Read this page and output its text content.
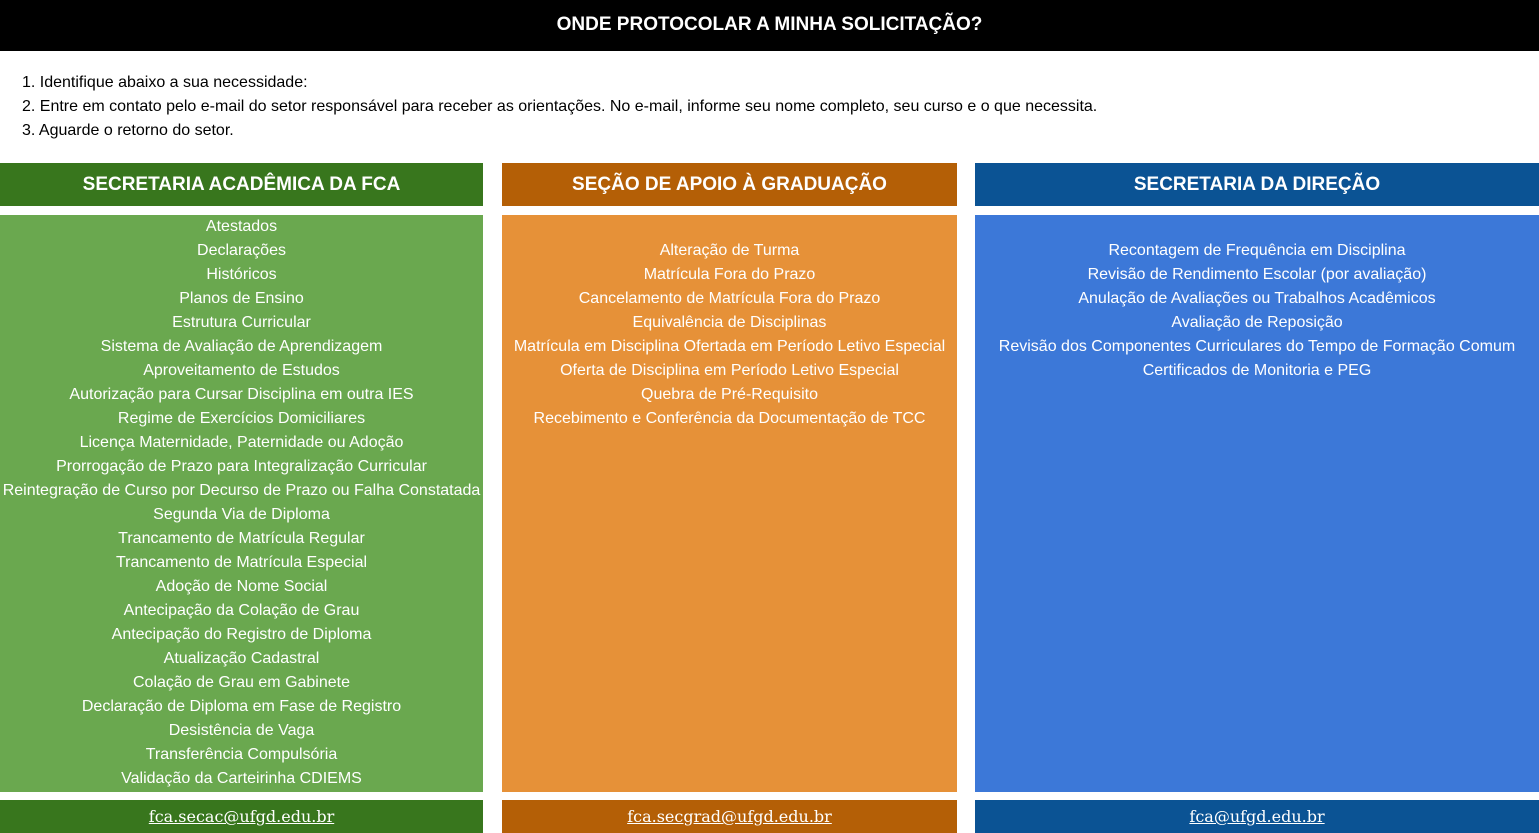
ONDE PROTOCOLAR A MINHA SOLICITAÇÃO?
1. Identifique abaixo a sua necessidade:
2. Entre em contato pelo e-mail do setor responsável para receber as orientações. No e-mail, informe seu nome completo, seu curso e o que necessita.
3. Aguarde o retorno do setor.
SECRETARIA ACADÊMICA DA FCA
Atestados
Declarações
Históricos
Planos de Ensino
Estrutura Curricular
Sistema de Avaliação de Aprendizagem
Aproveitamento de Estudos
Autorização para Cursar Disciplina em outra IES
Regime de Exercícios Domiciliares
Licença Maternidade, Paternidade ou Adoção
Prorrogação de Prazo para Integralização Curricular
Reintegração de Curso por Decurso de Prazo ou Falha Constatada
Segunda Via de Diploma
Trancamento de Matrícula Regular
Trancamento de Matrícula Especial
Adoção de Nome Social
Antecipação da Colação de Grau
Antecipação do Registro de Diploma
Atualização Cadastral
Colação de Grau em Gabinete
Declaração de Diploma em Fase de Registro
Desistência de Vaga
Transferência Compulsória
Validação da Carteirinha CDIEMS
fca.secac@ufgd.edu.br
SEÇÃO DE APOIO À GRADUAÇÃO
Alteração de Turma
Matrícula Fora do Prazo
Cancelamento de Matrícula Fora do Prazo
Equivalência de Disciplinas
Matrícula em Disciplina Ofertada em Período Letivo Especial
Oferta de Disciplina em Período Letivo Especial
Quebra de Pré-Requisito
Recebimento e Conferência da Documentação de TCC
fca.secgrad@ufgd.edu.br
SECRETARIA DA DIREÇÃO
Recontagem de Frequência em Disciplina
Revisão de Rendimento Escolar (por avaliação)
Anulação de Avaliações ou Trabalhos Acadêmicos
Avaliação de Reposição
Revisão dos Componentes Curriculares do Tempo de Formação Comum
Certificados de Monitoria e PEG
fca@ufgd.edu.br
